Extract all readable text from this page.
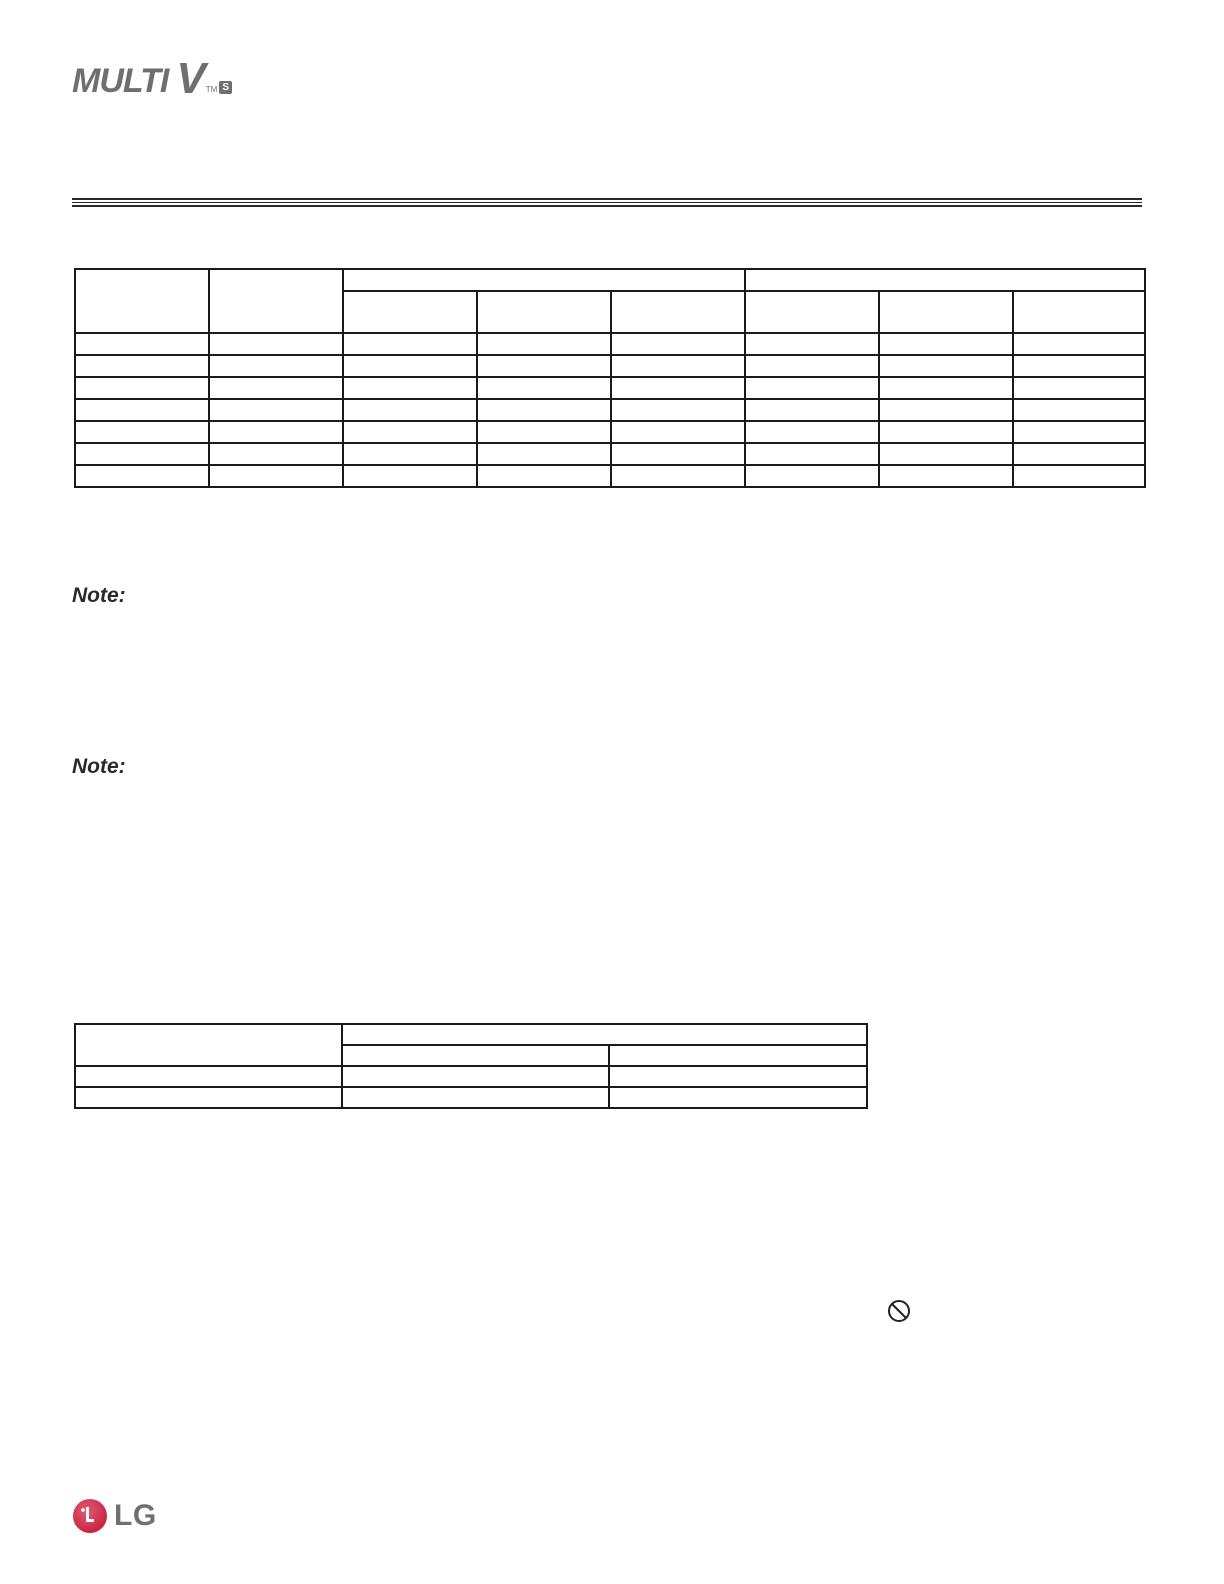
MULTI V TM S

Note:
Note:

LG
